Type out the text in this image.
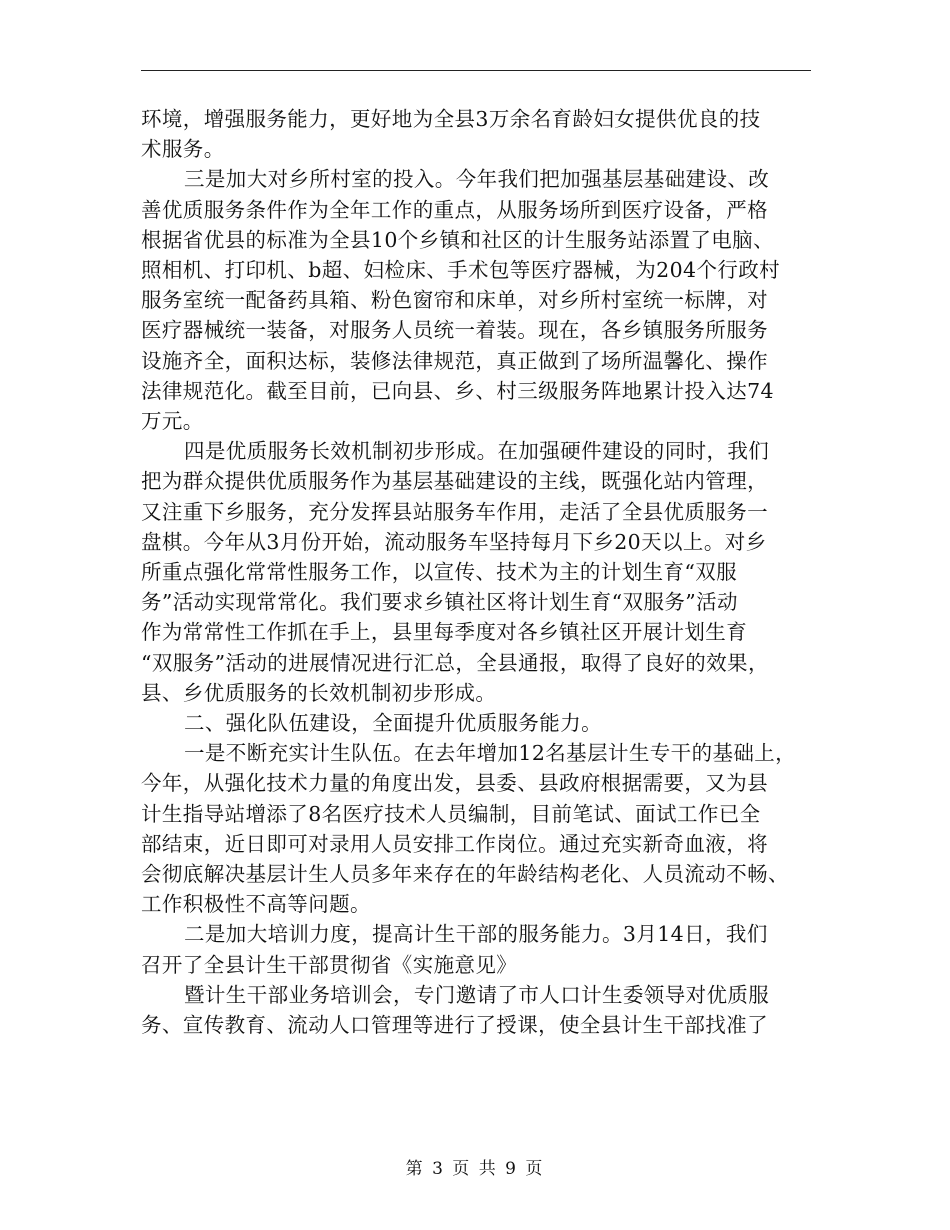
环境，增强服务能力，更好地为全县3万余名育龄妇女提供优良的技
术服务。
三是加大对乡所村室的投入。今年我们把加强基层基础建设、改
善优质服务条件作为全年工作的重点，从服务场所到医疗设备，严格
根据省优县的标准为全县10个乡镇和社区的计生服务站添置了电脑、
照相机、打印机、b超、妇检床、手术包等医疗器械，为204个行政村
服务室统一配备药具箱、粉色窗帘和床单，对乡所村室统一标牌，对
医疗器械统一装备，对服务人员统一着装。现在，各乡镇服务所服务
设施齐全，面积达标，装修法律规范，真正做到了场所温馨化、操作
法律规范化。截至目前，已向县、乡、村三级服务阵地累计投入达74
万元。
四是优质服务长效机制初步形成。在加强硬件建设的同时，我们
把为群众提供优质服务作为基层基础建设的主线，既强化站内管理，
又注重下乡服务，充分发挥县站服务车作用，走活了全县优质服务一
盘棋。今年从3月份开始，流动服务车坚持每月下乡20天以上。对乡
所重点强化常常性服务工作，以宣传、技术为主的计划生育“双服
务”活动实现常常化。我们要求乡镇社区将计划生育“双服务”活动
作为常常性工作抓在手上，县里每季度对各乡镇社区开展计划生育
“双服务”活动的进展情况进行汇总，全县通报，取得了良好的效果，
县、乡优质服务的长效机制初步形成。
二、强化队伍建设，全面提升优质服务能力。
一是不断充实计生队伍。在去年增加12名基层计生专干的基础上，
今年，从强化技术力量的角度出发，县委、县政府根据需要，又为县
计生指导站增添了8名医疗技术人员编制，目前笔试、面试工作已全
部结束，近日即可对录用人员安排工作岗位。通过充实新奇血液，将
会彻底解决基层计生人员多年来存在的年龄结构老化、人员流动不畅、
工作积极性不高等问题。
二是加大培训力度，提高计生干部的服务能力。3月14日，我们
召开了全县计生干部贯彻省《实施意见》
暨计生干部业务培训会，专门邀请了市人口计生委领导对优质服
务、宣传教育、流动人口管理等进行了授课，使全县计生干部找准了
第 3 页 共 9 页
